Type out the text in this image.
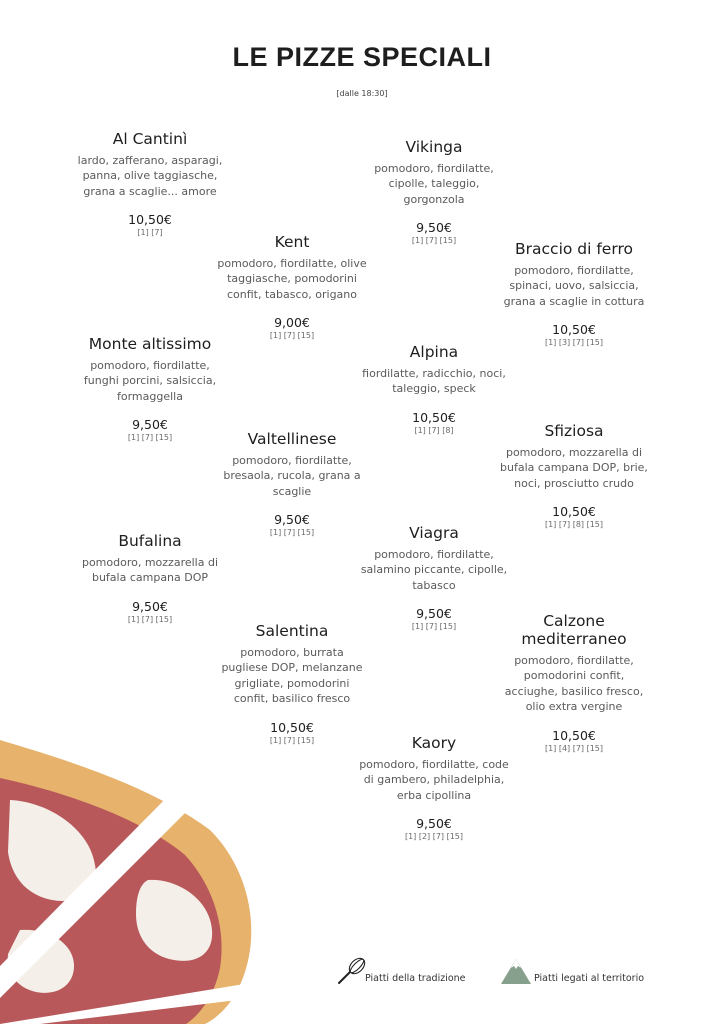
LE PIZZE SPECIALI
[dalle 18:30]
Al Cantinì
lardo, zafferano, asparagi, panna, olive taggiasche, grana a scaglie... amore
10,50€
[1] [7]
Monte altissimo
pomodoro, fiordilatte, funghi porcini, salsiccia, formaggella
9,50€
[1] [7] [15]
Bufalina
pomodoro, mozzarella di bufala campana DOP
9,50€
[1] [7] [15]
Kent
pomodoro, fiordilatte, olive taggiasche, pomodorini confit, tabasco, origano
9,00€
[1] [7] [15]
Valtellinese
pomodoro, fiordilatte, bresaola, rucola, grana a scaglie
9,50€
[1] [7] [15]
Salentina
pomodoro, burrata pugliese DOP, melanzane grigliate, pomodorini confit, basilico fresco
10,50€
[1] [7] [15]
Vikinga
pomodoro, fiordilatte, cipolle, taleggio, gorgonzola
9,50€
[1] [7] [15]
Alpina
fiordilatte, radicchio, noci, taleggio, speck
10,50€
[1] [7] [8]
Viagra
pomodoro, fiordilatte, salamino piccante, cipolle, tabasco
9,50€
[1] [7] [15]
Kaory
pomodoro, fiordilatte, code di gambero, philadelphia, erba cipollina
9,50€
[1] [2] [7] [15]
Braccio di ferro
pomodoro, fiordilatte, spinaci, uovo, salsiccia, grana a scaglie in cottura
10,50€
[1] [3] [7] [15]
Sfiziosa
pomodoro, mozzarella di bufala campana DOP, brie, noci, prosciutto crudo
10,50€
[1] [7] [8] [15]
Calzone mediterraneo
pomodoro, fiordilatte, pomodorini confit, acciughe, basilico fresco, olio extra vergine
10,50€
[1] [4] [7] [15]
Piatti della tradizione	Piatti legati al territorio
